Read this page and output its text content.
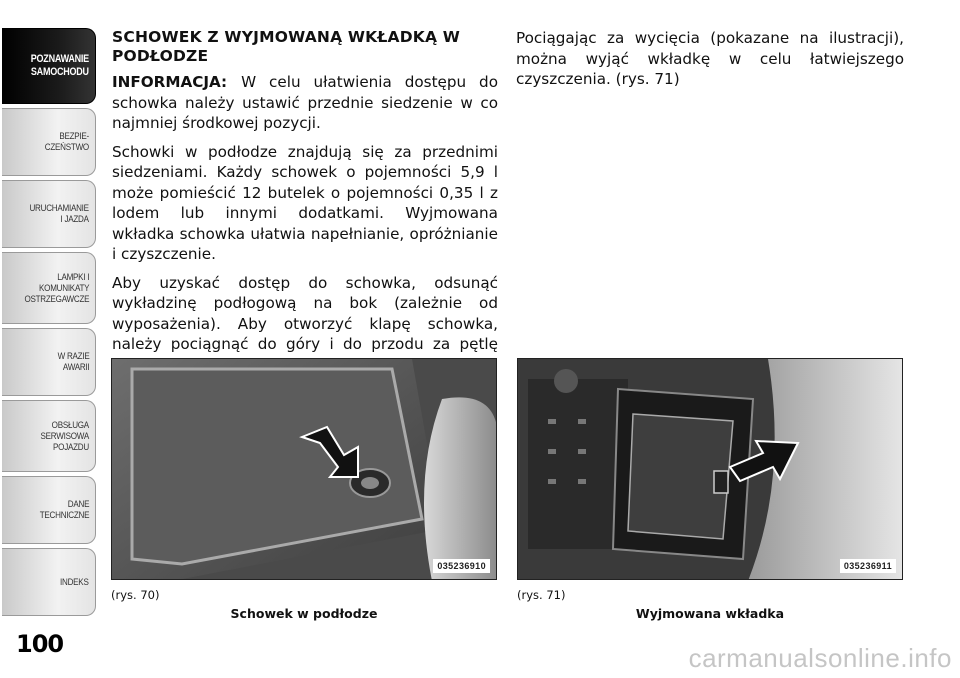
POZNAWANIE
SAMOCHODU
BEZPIE-
CZEŃSTWO
URUCHAMIANIE
I JAZDA
LAMPKI I
KOMUNIKATY
OSTRZEGAWCZE
W RAZIE
AWARII
OBSŁUGA
SERWISOWA
POJAZDU
DANE
TECHNICZNE
INDEKS
100
SCHOWEK Z WYJMOWANĄ WKŁADKĄ W PODŁODZE

INFORMACJA: W celu ułatwienia dostępu do schowka należy ustawić przednie siedzenie w co najmniej środkowej pozycji.

Schowki w podłodze znajdują się za przednimi siedzeniami. Każdy schowek o pojemności 5,9 l może pomieścić 12 butelek o pojemności 0,35 l z lodem lub innymi dodatkami. Wyjmowana wkładka schowka ułatwia napełnianie, opróżnianie i czyszczenie.

Aby uzyskać dostęp do schowka, odsunąć wykładzinę podłogową na bok (zależnie od wyposażenia). Aby otworzyć klapę schowka, należy pociągnąć do góry i do przodu za pętlę

Pociągając za wycięcia (pokazane na ilustracji), można wyjąć wkładkę w celu łatwiejszego czyszczenia. (rys. 71)

035236910
(rys. 70)
Schowek w podłodze
035236911
(rys. 71)
Wyjmowana wkładka
carmanualsonline.info
